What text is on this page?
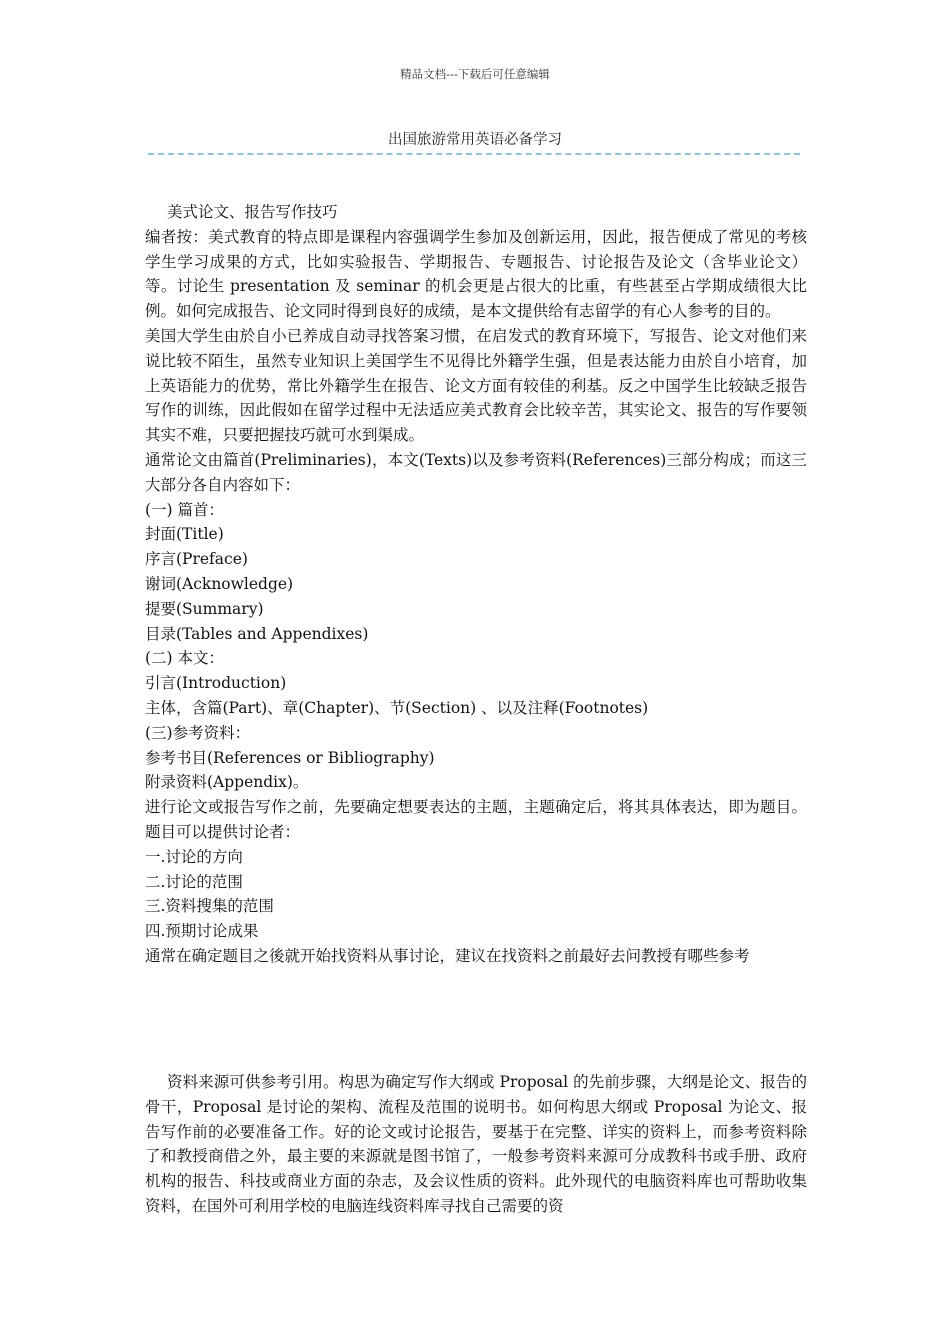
精品文档---下载后可任意编辑
出国旅游常用英语必备学习

美式论文、报告写作技巧

编者按：美式教育的特点即是课程内容强调学生参加及创新运用，因此，报告便成了常见的考核学生学习成果的方式，比如实验报告、学期报告、专题报告、讨论报告及论文（含毕业论文）等。讨论生 presentation 及 seminar 的机会更是占很大的比重，有些甚至占学期成绩很大比例。如何完成报告、论文同时得到良好的成绩，是本文提供给有志留学的有心人参考的目的。

美国大学生由於自小已养成自动寻找答案习惯，在启发式的教育环境下，写报告、论文对他们来说比较不陌生，虽然专业知识上美国学生不见得比外籍学生强，但是表达能力由於自小培育，加上英语能力的优势，常比外籍学生在报告、论文方面有较佳的利基。反之中国学生比较缺乏报告写作的训练，因此假如在留学过程中无法适应美式教育会比较辛苦，其实论文、报告的写作要领其实不难，只要把握技巧就可水到渠成。

通常论文由篇首(Preliminaries)，本文(Texts)以及参考资料(References)三部分构成；而这三大部分各自内容如下：

(一) 篇首：

封面(Title)

序言(Preface)

谢词(Acknowledge)

提要(Summary)

目录(Tables and Appendixes)

(二) 本文：

引言(Introduction)

主体，含篇(Part)、章(Chapter)、节(Section) 、以及注释(Footnotes)

(三)参考资料：

参考书目(References or Bibliography)

附录资料(Appendix)。

进行论文或报告写作之前，先要确定想要表达的主题，主题确定后，将其具体表达，即为题目。题目可以提供讨论者：

一.讨论的方向

二.讨论的范围

三.资料搜集的范围

四.预期讨论成果

通常在确定题目之後就开始找资料从事讨论，建议在找资料之前最好去问教授有哪些参考

资料来源可供参考引用。构思为确定写作大纲或 Proposal 的先前步骤，大纲是论文、报告的骨干，Proposal 是讨论的架构、流程及范围的说明书。如何构思大纲或 Proposal 为论文、报告写作前的必要准备工作。好的论文或讨论报告，要基于在完整、详实的资料上，而参考资料除了和教授商借之外，最主要的来源就是图书馆了，一般参考资料来源可分成教科书或手册、政府机构的报告、科技或商业方面的杂志，及会议性质的资料。此外现代的电脑资料库也可帮助收集资料，在国外可利用学校的电脑连线资料库寻找自己需要的资
